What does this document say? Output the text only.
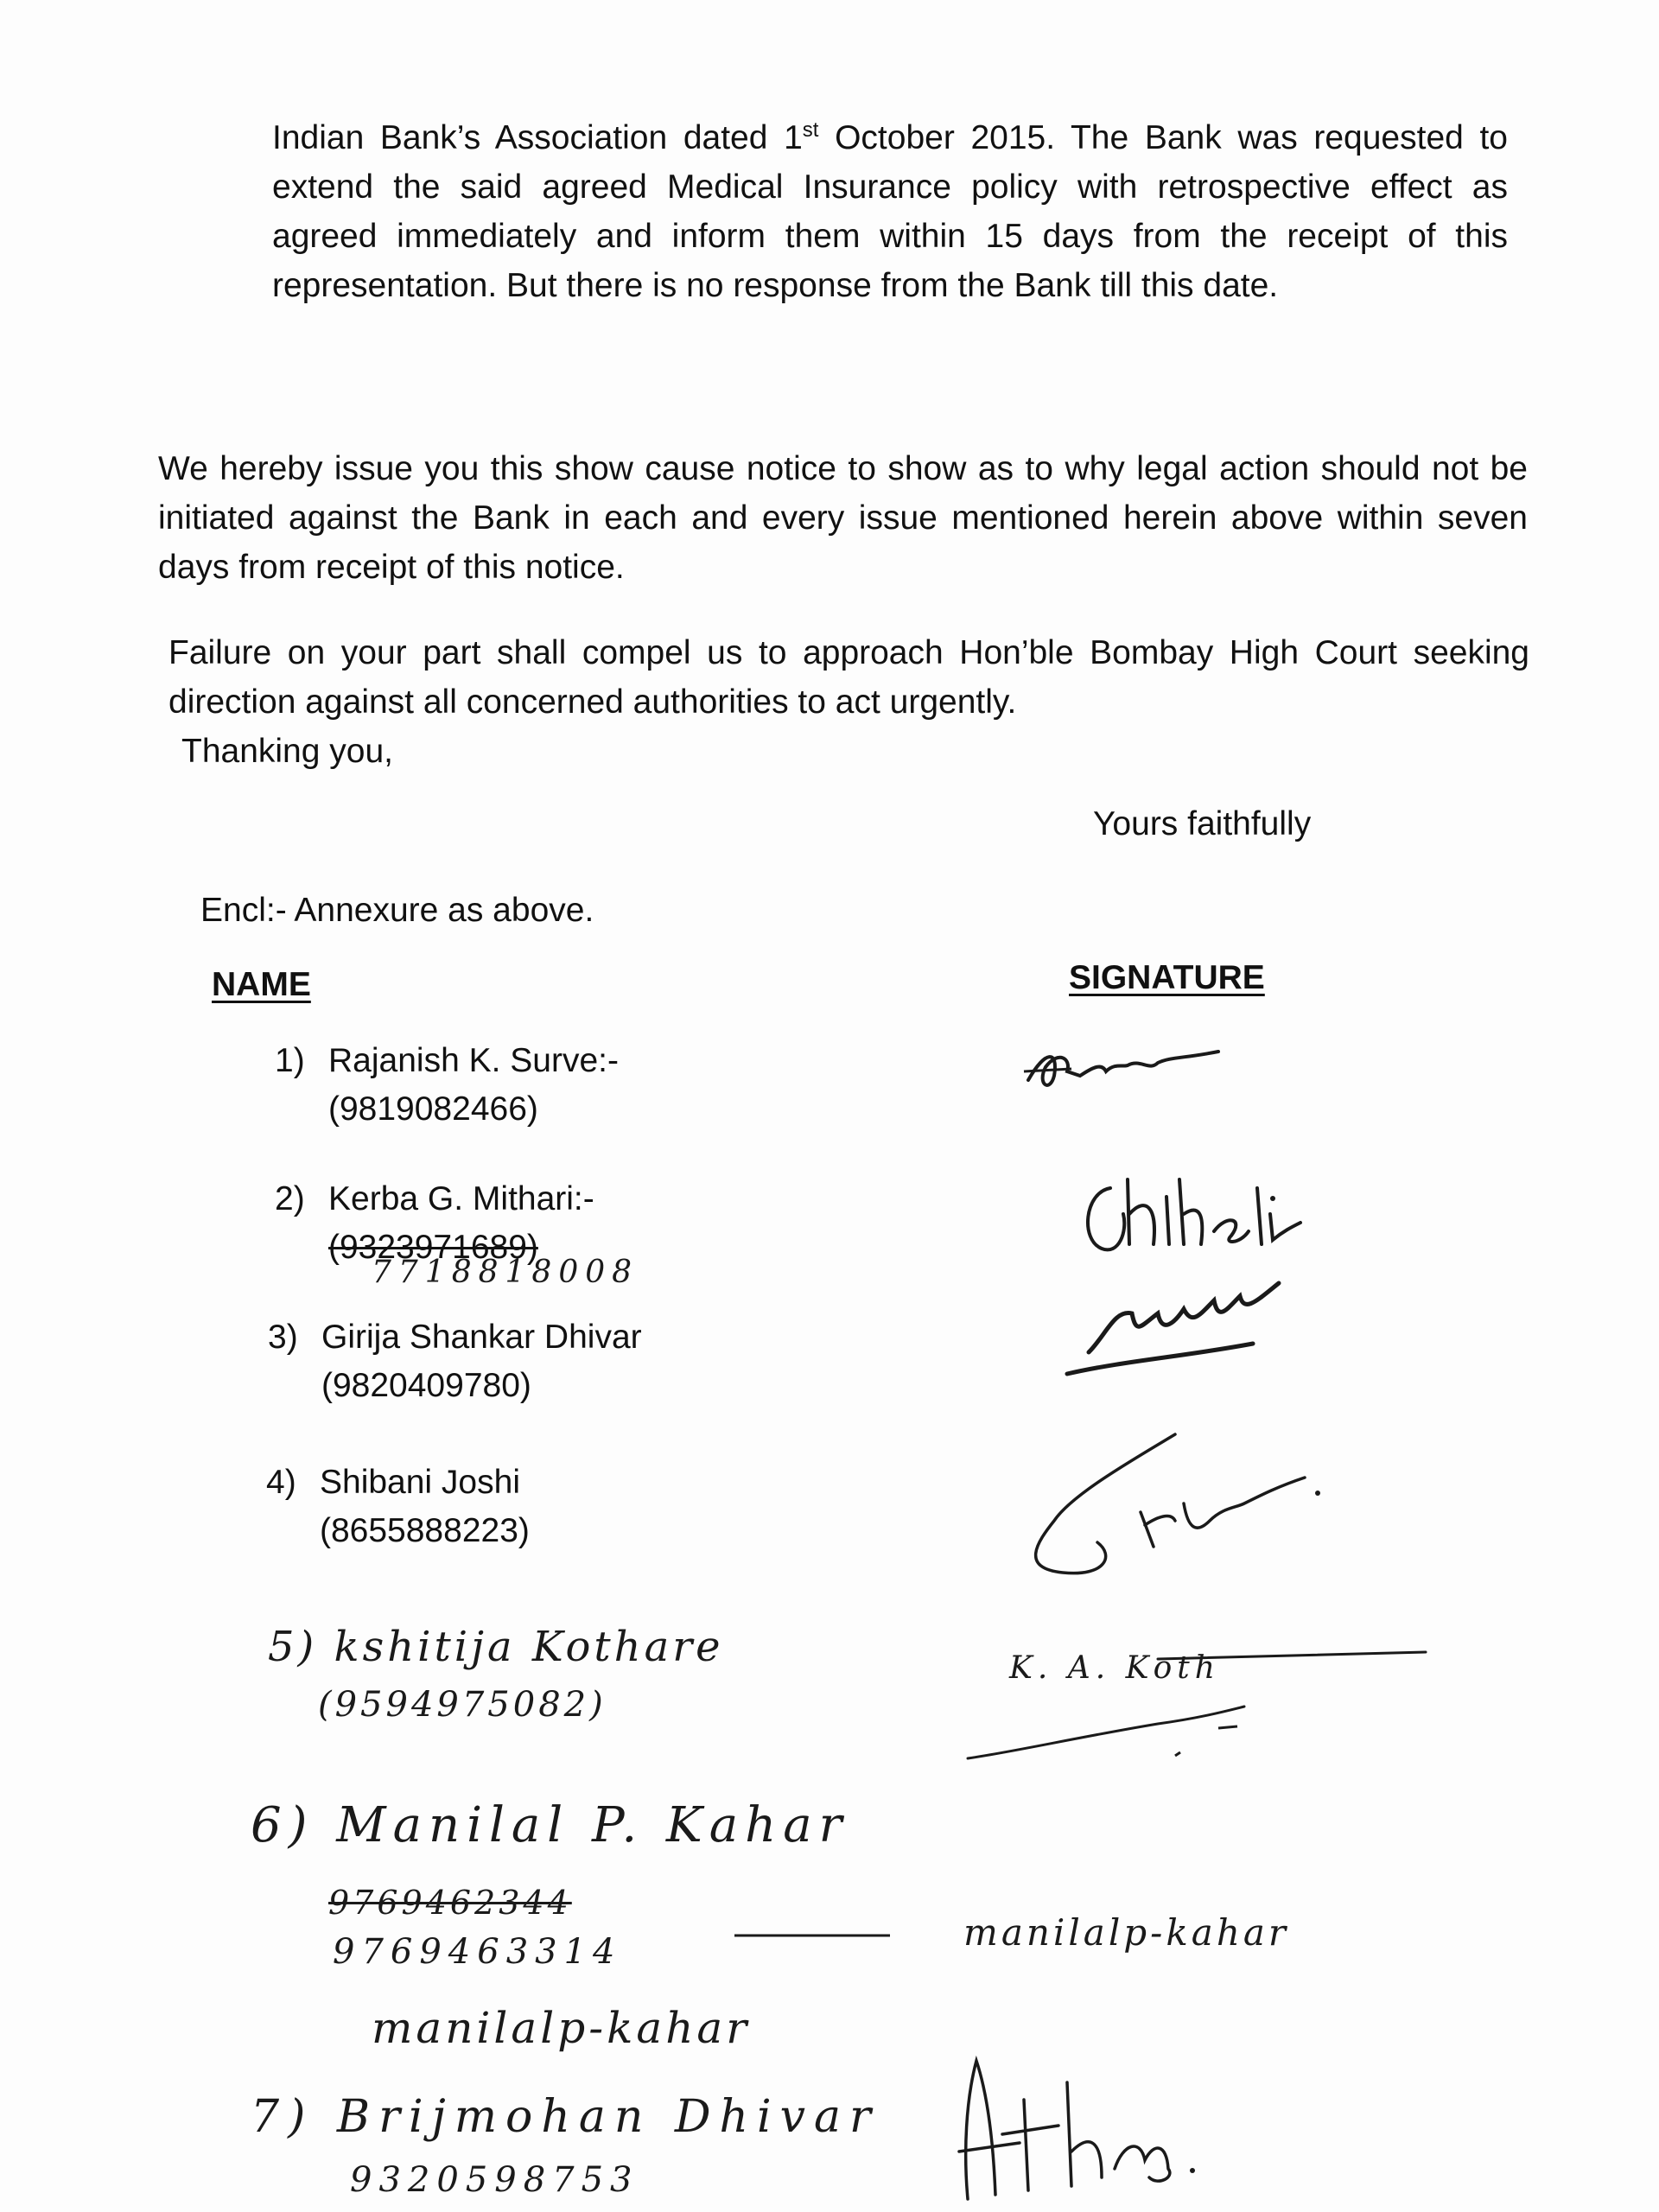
Indian Bank’s Association dated 1st October 2015. The Bank was requested to extend the said agreed Medical Insurance policy with retrospective effect as agreed immediately and inform them within 15 days from the receipt of this representation. But there is no response from the Bank till this date.

We hereby issue you this show cause notice to show as to why legal action should not be initiated against the Bank in each and every issue mentioned herein above within seven days from receipt of this notice.

Failure on your part shall compel us to approach Hon’ble Bombay High Court seeking direction against all concerned authorities to act urgently.

Thanking you,
Yours faithfully
Encl:- Annexure as above.
NAME	SIGNATURE
1) Rajanish K. Surve:-
(9819082466)
2) Kerba G. Mithari:-
(9323971689)
7718818008
3) Girija Shankar Dhivar
(9820409780)
4) Shibani Joshi
(8655888223)
5) kshitija Kothare
(9594975082)
6) Manilal P. Kahar
9769462344
9769463314
manilalp-kahar
7) Brijmohan Dhivar
9320598753
K. A. Koth
manilalp-kahar
